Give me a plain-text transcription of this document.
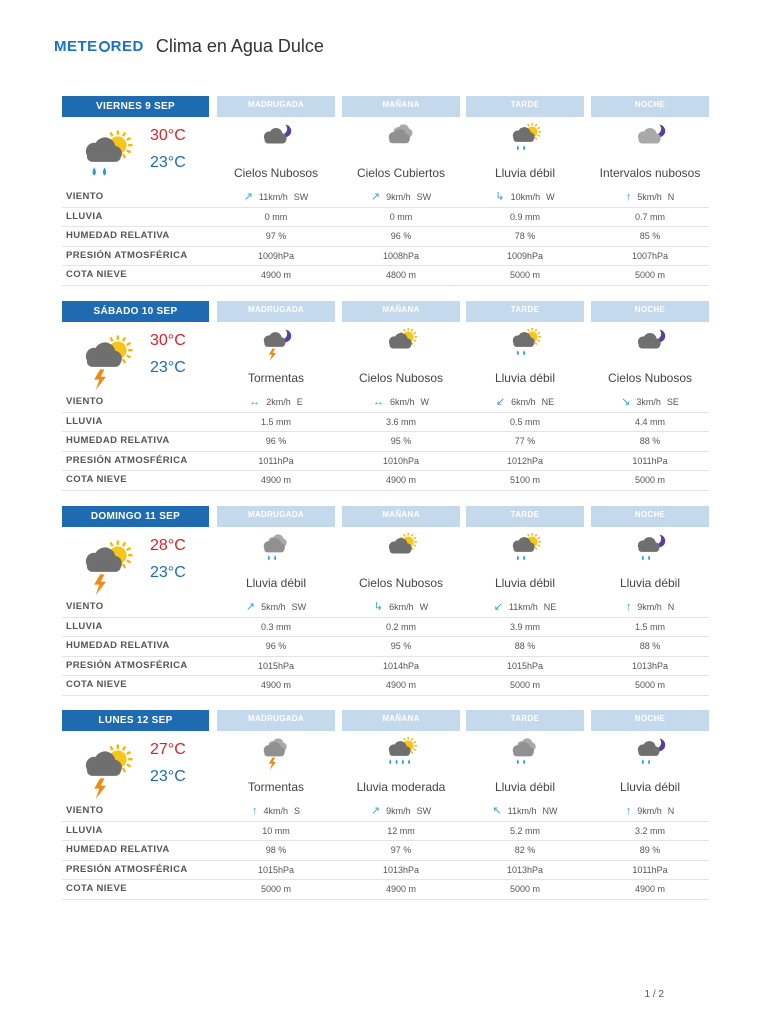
METE RED Clima en Agua Dulce
VIERNES 9 SEP
30°C
23°C
MADRUGADA
Cielos Nubosos
MAÑANA
Cielos Cubiertos
TARDE
Lluvia débil
NOCHE
Intervalos nubosos
VIENTO	↗ 11km/h SW	↗ 9km/h SW	↳ 10km/h W	↑ 5km/h N
LLUVIA	0 mm	0 mm	0.9 mm	0.7 mm
HUMEDAD RELATIVA	97 %	96 %	78 %	85 %
PRESIÓN ATMOSFÉRICA	1009hPa	1008hPa	1009hPa	1007hPa
COTA NIEVE	4900 m	4800 m	5000 m	5000 m
SÁBADO 10 SEP
30°C
23°C
MADRUGADA
Tormentas
MAÑANA
Cielos Nubosos
TARDE
Lluvia débil
NOCHE
Cielos Nubosos
VIENTO	↔ 2km/h E	↔ 6km/h W	↙ 6km/h NE	↘ 3km/h SE
LLUVIA	1.5 mm	3.6 mm	0.5 mm	4.4 mm
HUMEDAD RELATIVA	96 %	95 %	77 %	88 %
PRESIÓN ATMOSFÉRICA	1011hPa	1010hPa	1012hPa	1011hPa
COTA NIEVE	4900 m	4900 m	5100 m	5000 m
DOMINGO 11 SEP
28°C
23°C
MADRUGADA
Lluvia débil
MAÑANA
Cielos Nubosos
TARDE
Lluvia débil
NOCHE
Lluvia débil
VIENTO	↗ 5km/h SW	↳ 6km/h W	↙ 11km/h NE	↑ 9km/h N
LLUVIA	0.3 mm	0.2 mm	3.9 mm	1.5 mm
HUMEDAD RELATIVA	96 %	95 %	88 %	88 %
PRESIÓN ATMOSFÉRICA	1015hPa	1014hPa	1015hPa	1013hPa
COTA NIEVE	4900 m	4900 m	5000 m	5000 m
LUNES 12 SEP
27°C
23°C
MADRUGADA
Tormentas
MAÑANA
Lluvia moderada
TARDE
Lluvia débil
NOCHE
Lluvia débil
VIENTO	↑ 4km/h S	↗ 9km/h SW	↖ 11km/h NW	↑ 9km/h N
LLUVIA	10 mm	12 mm	5.2 mm	3.2 mm
HUMEDAD RELATIVA	98 %	97 %	82 %	89 %
PRESIÓN ATMOSFÉRICA	1015hPa	1013hPa	1013hPa	1011hPa
COTA NIEVE	5000 m	4900 m	5000 m	4900 m
1 / 2
